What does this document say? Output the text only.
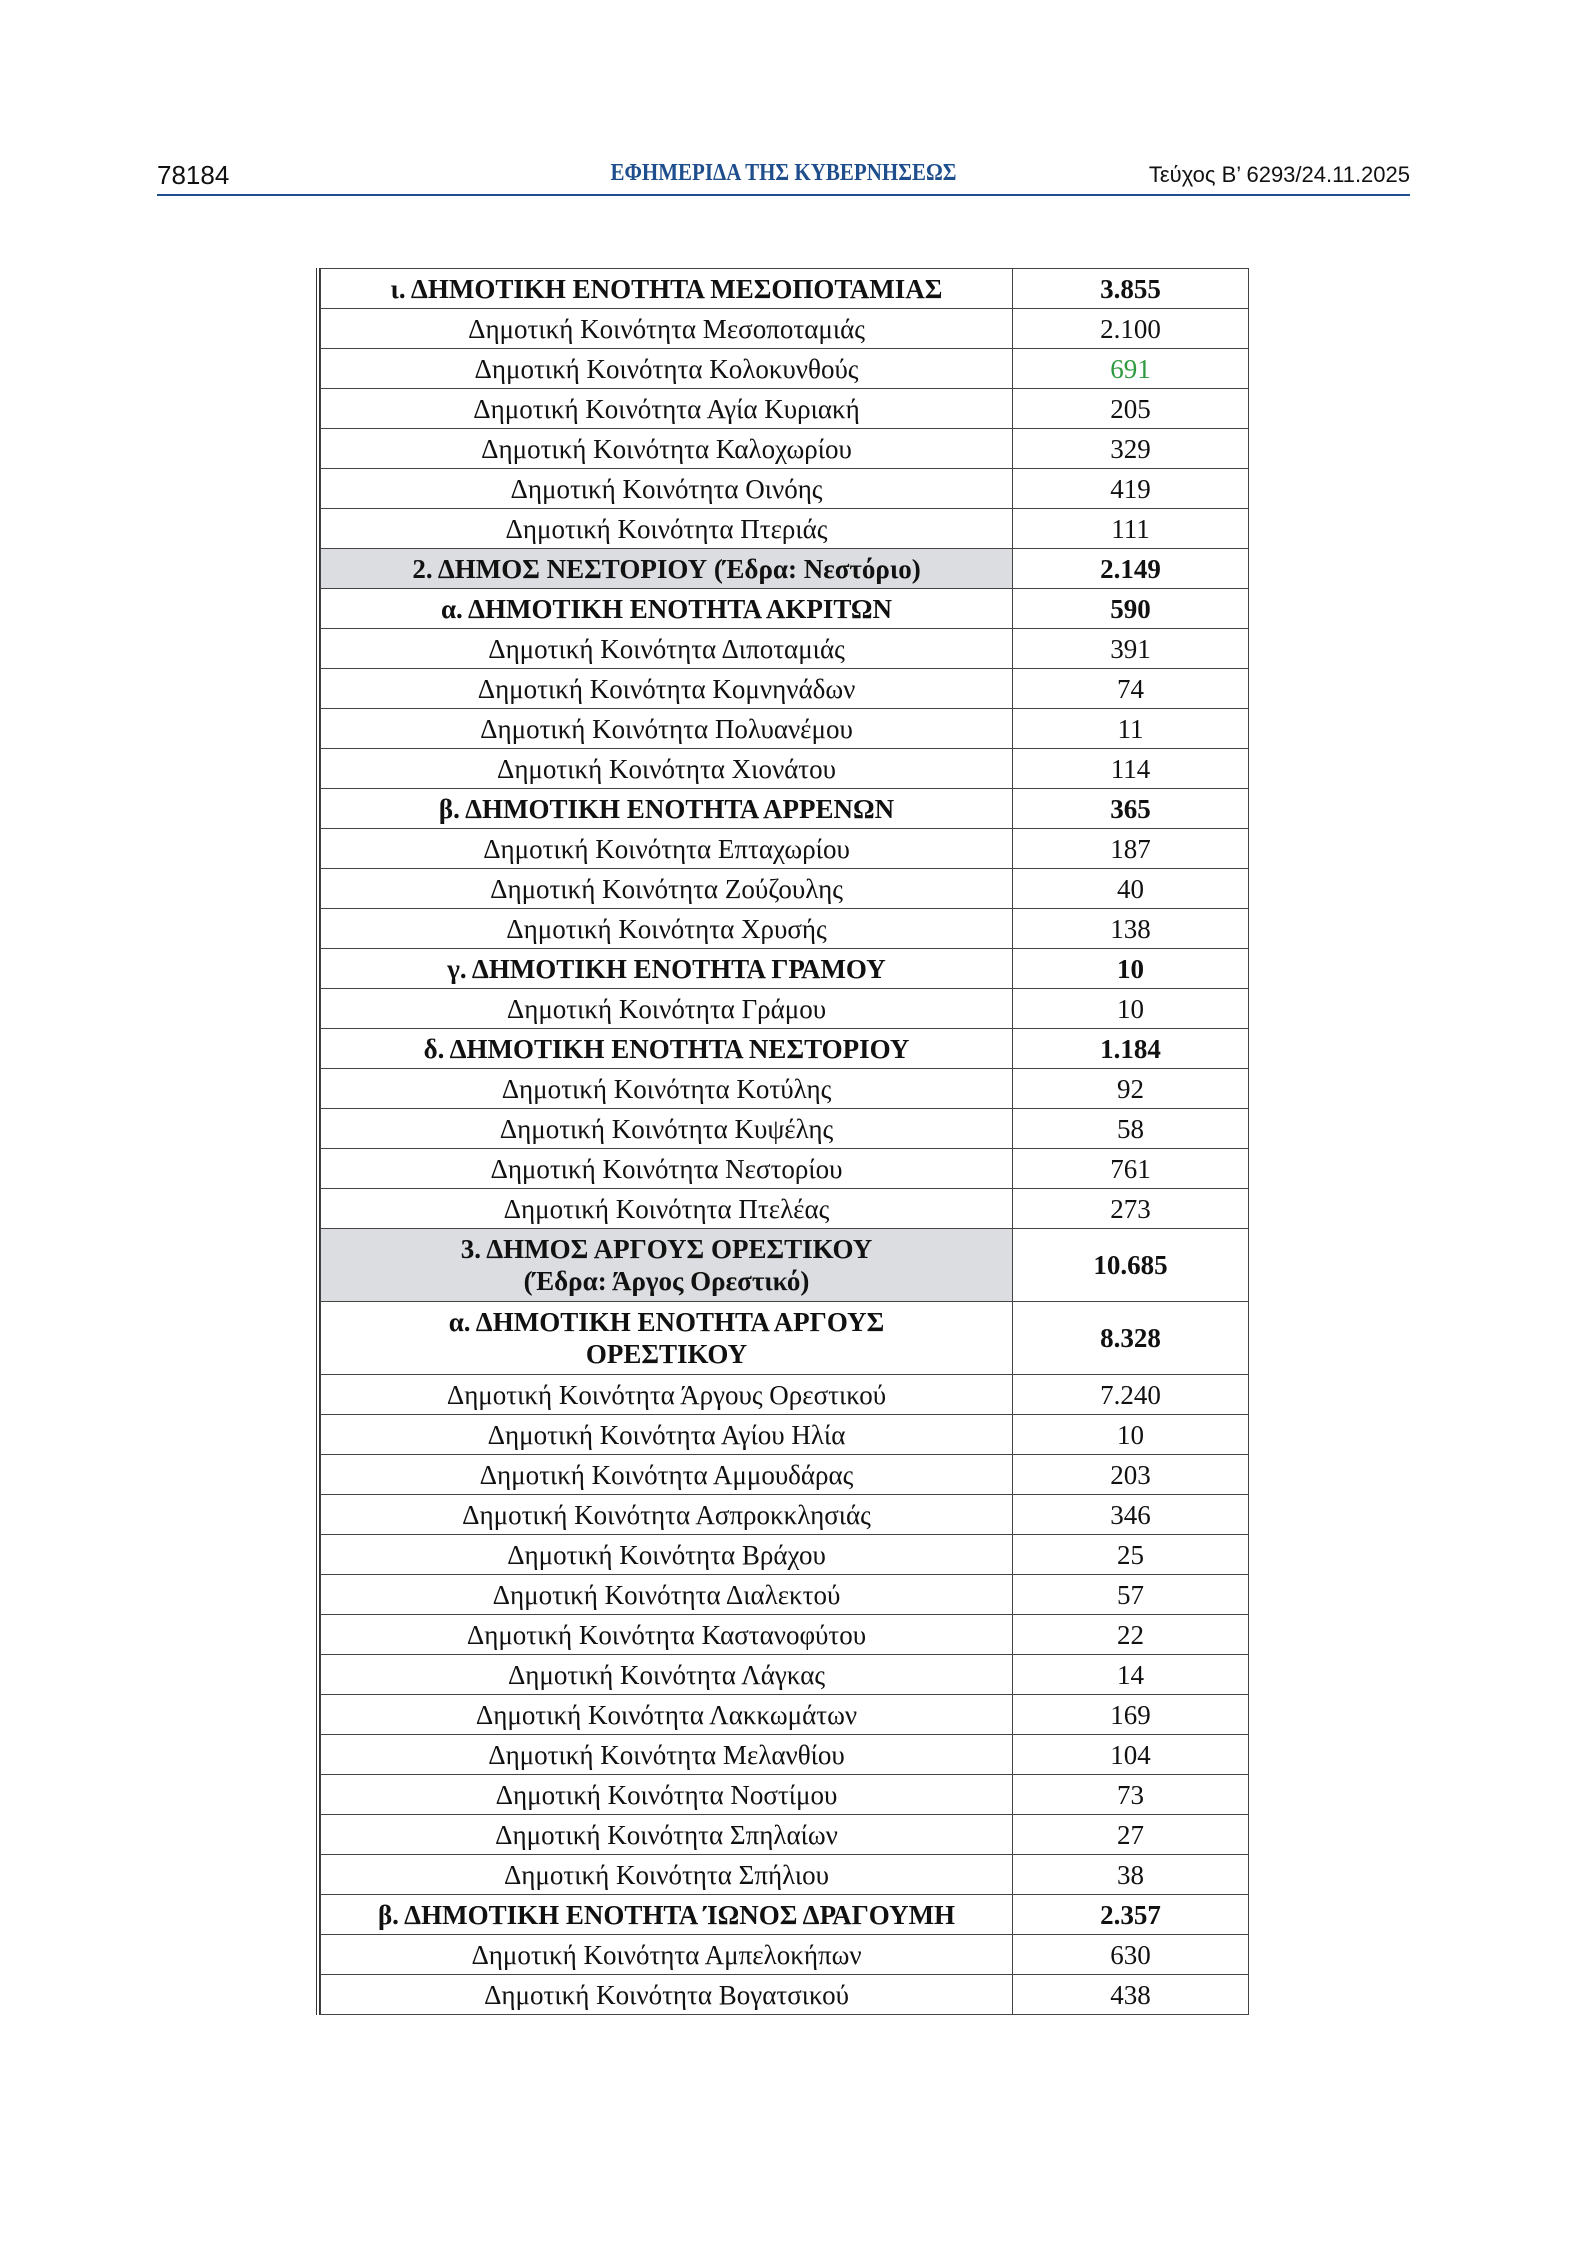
78184	ΕΦΗΜΕΡΙΔΑ ΤΗΣ ΚΥΒΕΡΝΗΣΕΩΣ	Τεύχος Β’ 6293/24.11.2025
ι. ΔΗΜΟΤΙΚΗ ΕΝΟΤΗΤΑ ΜΕΣΟΠΟΤΑΜΙΑΣ	3.855
Δημοτική Κοινότητα Μεσοποταμιάς	2.100
Δημοτική Κοινότητα Κολοκυνθούς	691
Δημοτική Κοινότητα Αγία Κυριακή	205
Δημοτική Κοινότητα Καλοχωρίου	329
Δημοτική Κοινότητα Οινόης	419
Δημοτική Κοινότητα Πτεριάς	111
2. ΔΗΜΟΣ ΝΕΣΤΟΡΙΟΥ (Έδρα: Νεστόριο)	2.149
α. ΔΗΜΟΤΙΚΗ ΕΝΟΤΗΤΑ ΑΚΡΙΤΩΝ	590
Δημοτική Κοινότητα Διποταμιάς	391
Δημοτική Κοινότητα Κομνηνάδων	74
Δημοτική Κοινότητα Πολυανέμου	11
Δημοτική Κοινότητα Χιονάτου	114
β. ΔΗΜΟΤΙΚΗ ΕΝΟΤΗΤΑ ΑΡΡΕΝΩΝ	365
Δημοτική Κοινότητα Επταχωρίου	187
Δημοτική Κοινότητα Ζούζουλης	40
Δημοτική Κοινότητα Χρυσής	138
γ. ΔΗΜΟΤΙΚΗ ΕΝΟΤΗΤΑ ΓΡΑΜΟΥ	10
Δημοτική Κοινότητα Γράμου	10
δ. ΔΗΜΟΤΙΚΗ ΕΝΟΤΗΤΑ ΝΕΣΤΟΡΙΟΥ	1.184
Δημοτική Κοινότητα Κοτύλης	92
Δημοτική Κοινότητα Κυψέλης	58
Δημοτική Κοινότητα Νεστορίου	761
Δημοτική Κοινότητα Πτελέας	273
3. ΔΗΜΟΣ ΑΡΓΟΥΣ ΟΡΕΣΤΙΚΟΥ
(Έδρα: Άργος Ορεστικό)	10.685
α. ΔΗΜΟΤΙΚΗ ΕΝΟΤΗΤΑ ΑΡΓΟΥΣ
ΟΡΕΣΤΙΚΟΥ	8.328
Δημοτική Κοινότητα Άργους Ορεστικού	7.240
Δημοτική Κοινότητα Αγίου Ηλία	10
Δημοτική Κοινότητα Αμμουδάρας	203
Δημοτική Κοινότητα Ασπροκκλησιάς	346
Δημοτική Κοινότητα Βράχου	25
Δημοτική Κοινότητα Διαλεκτού	57
Δημοτική Κοινότητα Καστανοφύτου	22
Δημοτική Κοινότητα Λάγκας	14
Δημοτική Κοινότητα Λακκωμάτων	169
Δημοτική Κοινότητα Μελανθίου	104
Δημοτική Κοινότητα Νοστίμου	73
Δημοτική Κοινότητα Σπηλαίων	27
Δημοτική Κοινότητα Σπήλιου	38
β. ΔΗΜΟΤΙΚΗ ΕΝΟΤΗΤΑ ΊΩΝΟΣ ΔΡΑΓΟΥΜΗ	2.357
Δημοτική Κοινότητα Αμπελοκήπων	630
Δημοτική Κοινότητα Βογατσικού	438
